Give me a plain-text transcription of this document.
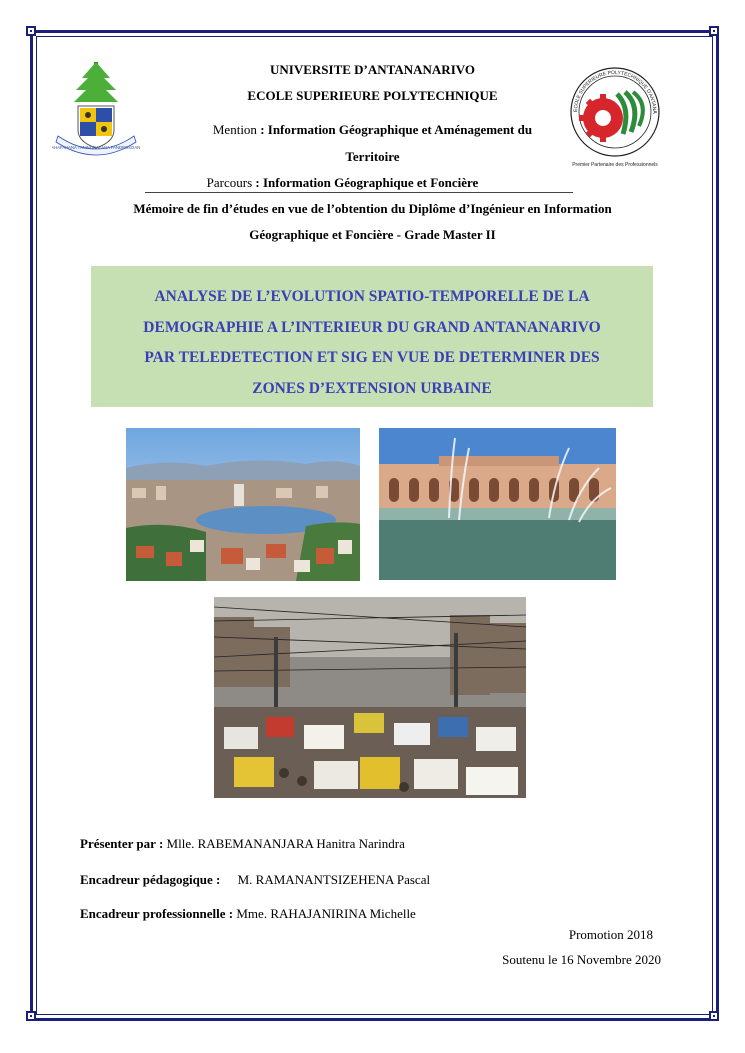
FAHAFAHANA TANINDRAZANA FANDROSOANA
ECOLE SUPERIEURE POLYTECHNIQUE D'ANTANA
Premier Partenaire des Professionnels
UNIVERSITE D’ANTANANARIVO
ECOLE SUPERIEURE POLYTECHNIQUE
Mention : Information Géographique et Aménagement du
Territoire
Parcours : Information Géographique et Foncière
Mémoire de fin d’études en vue de l’obtention du Diplôme d’Ingénieur en Information
Géographique et Foncière - Grade Master II
ANALYSE DE L’EVOLUTION SPATIO-TEMPORELLE DE LA
DEMOGRAPHIE A L’INTERIEUR DU GRAND ANTANANARIVO
PAR TELEDETECTION ET SIG EN VUE DE DETERMINER DES
ZONES D’EXTENSION URBAINE
Présenter par : Mlle. RABEMANANJARA Hanitra Narindra
Encadreur pédagogique : M. RAMANANTSIZEHENA Pascal
Encadreur professionnelle : Mme. RAHAJANIRINA Michelle
Promotion 2018
Soutenu le 16 Novembre 2020
